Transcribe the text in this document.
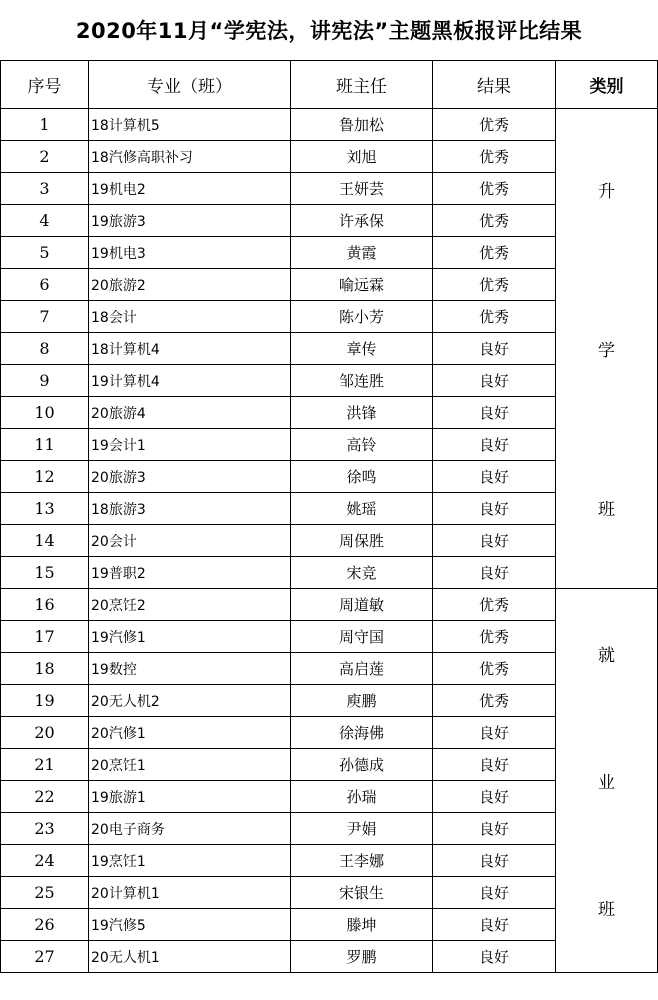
2020年11月“学宪法，讲宪法”主题黑板报评比结果
序号	专业（班）	班主任	结果	类别
1	18计算机5	鲁加松	优秀	升
学
班

2	18汽修高职补习	刘旭	优秀	
3	19机电2	王妍芸	优秀	
4	19旅游3	许承保	优秀	
5	19机电3	黄霞	优秀	
6	20旅游2	喻远霖	优秀	
7	18会计	陈小芳	优秀	
8	18计算机4	章传	良好	
9	19计算机4	邹连胜	良好	
10	20旅游4	洪锋	良好	
11	19会计1	高铃	良好	
12	20旅游3	徐鸣	良好	
13	18旅游3	姚瑶	良好	
14	20会计	周保胜	良好	
15	19普职2	宋竞	良好	
16	20烹饪2	周道敏	优秀	就
业
班

17	19汽修1	周守国	优秀	
18	19数控	高启莲	优秀	
19	20无人机2	庾鹏	优秀	
20	20汽修1	徐海佛	良好	
21	20烹饪1	孙德成	良好	
22	19旅游1	孙瑞	良好	
23	20电子商务	尹娟	良好	
24	19烹饪1	王李娜	良好	
25	20计算机1	宋银生	良好	
26	19汽修5	滕坤	良好	
27	20无人机1	罗鹏	良好	
